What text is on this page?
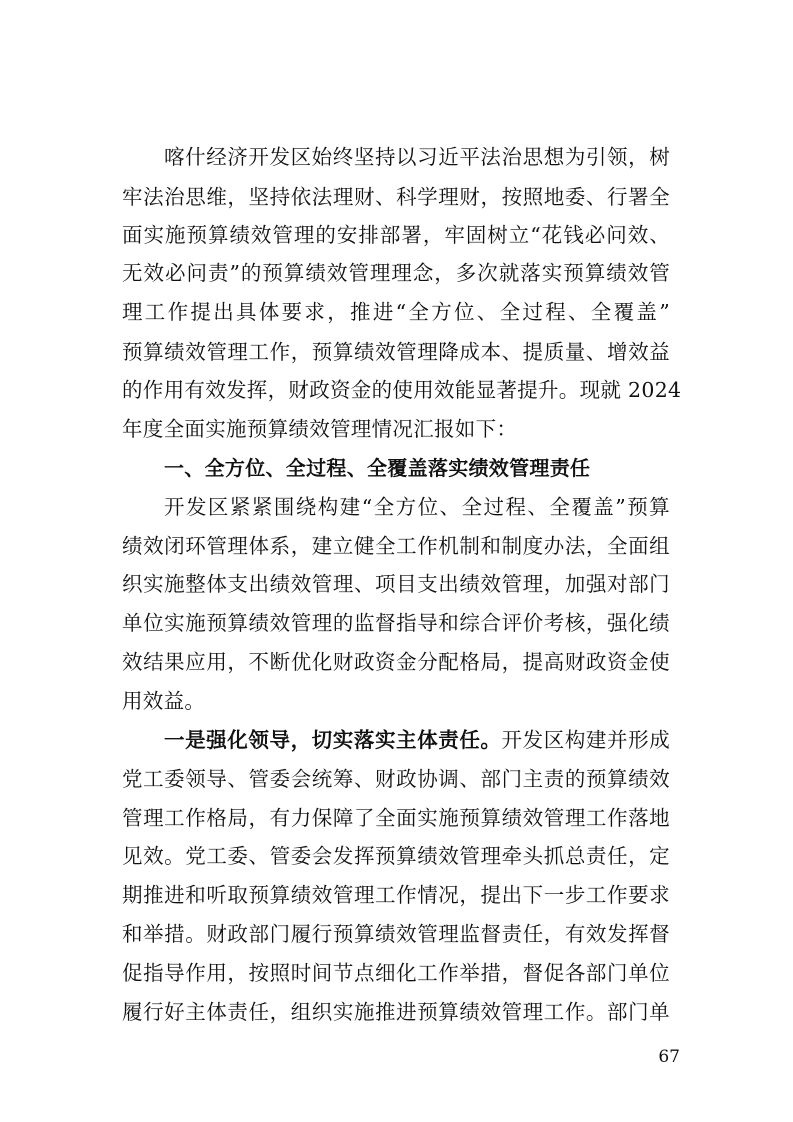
喀什经济开发区始终坚持以习近平法治思想为引领，树
牢法治思维，坚持依法理财、科学理财，按照地委、行署全
面实施预算绩效管理的安排部署，牢固树立“花钱必问效、
无效必问责”的预算绩效管理理念，多次就落实预算绩效管
理工作提出具体要求，推进“全方位、全过程、全覆盖”
预算绩效管理工作，预算绩效管理降成本、提质量、增效益
的作用有效发挥，财政资金的使用效能显著提升。现就 2024
年度全面实施预算绩效管理情况汇报如下：
一、全方位、全过程、全覆盖落实绩效管理责任
开发区紧紧围绕构建“全方位、全过程、全覆盖”预算
绩效闭环管理体系，建立健全工作机制和制度办法，全面组
织实施整体支出绩效管理、项目支出绩效管理，加强对部门
单位实施预算绩效管理的监督指导和综合评价考核，强化绩
效结果应用，不断优化财政资金分配格局，提高财政资金使
用效益。
一是强化领导，切实落实主体责任。开发区构建并形成
党工委领导、管委会统筹、财政协调、部门主责的预算绩效
管理工作格局，有力保障了全面实施预算绩效管理工作落地
见效。党工委、管委会发挥预算绩效管理牵头抓总责任，定
期推进和听取预算绩效管理工作情况，提出下一步工作要求
和举措。财政部门履行预算绩效管理监督责任，有效发挥督
促指导作用，按照时间节点细化工作举措，督促各部门单位
履行好主体责任，组织实施推进预算绩效管理工作。部门单
67
